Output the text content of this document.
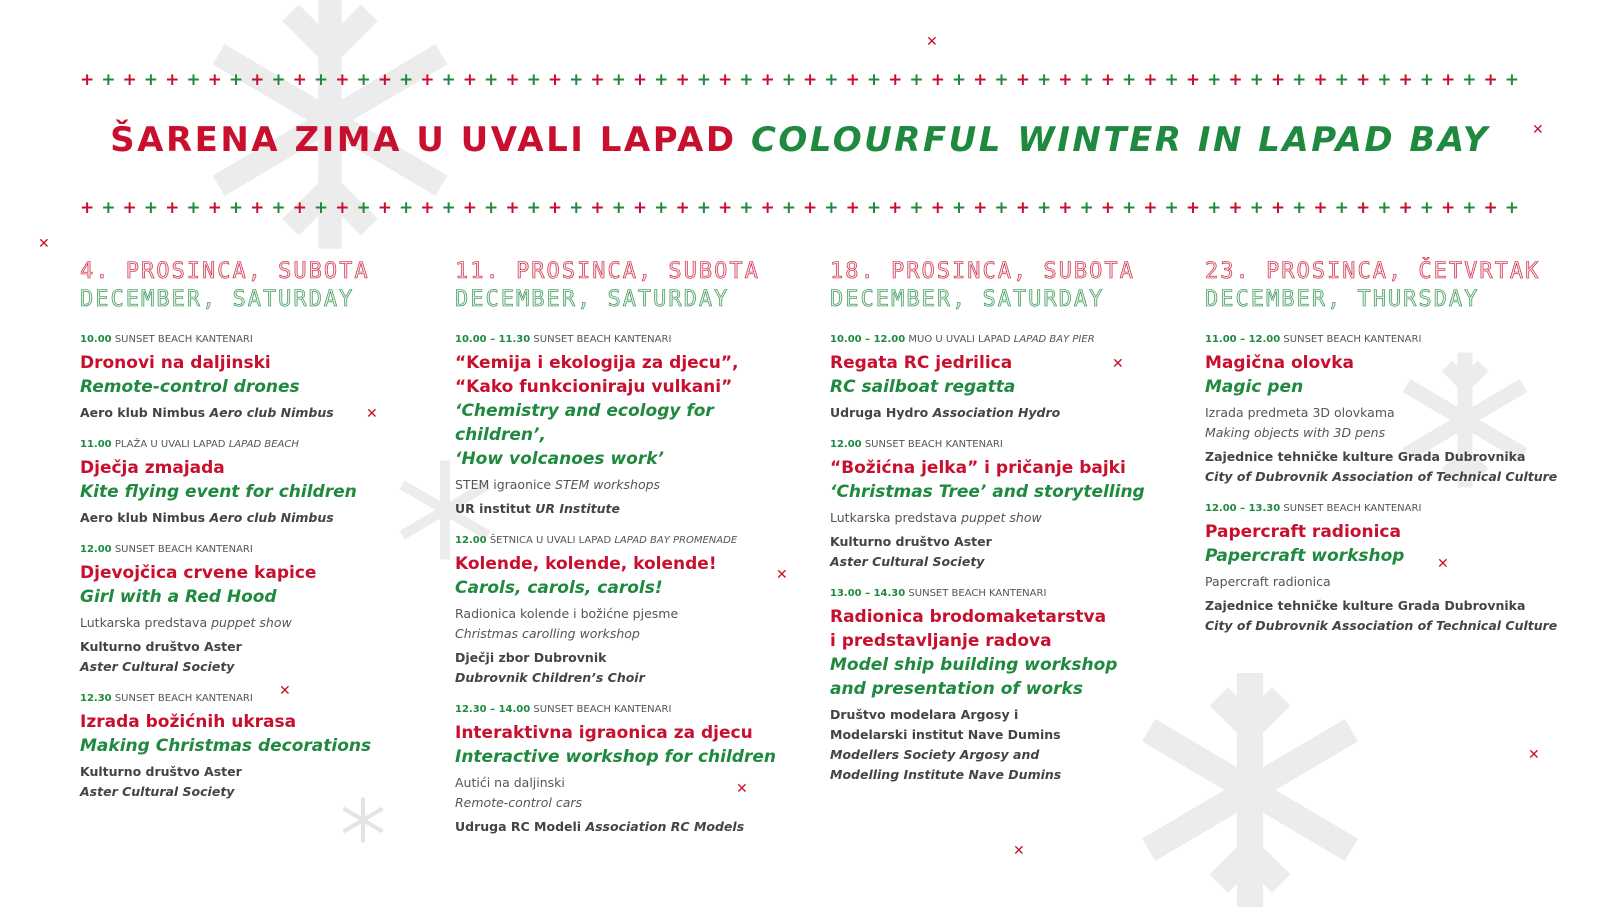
✕
✕
✕
✕
✕
✕
✕
✕
✕
✕
✕
+ + + + + + + + + + + + + + + + + + + + + + + + + + + + + + + + + + + + + + + + + + + + + + + + + + + + + + + + + + + + + + + + + + + +
+ + + + + + + + + + + + + + + + + + + + + + + + + + + + + + + + + + + + + + + + + + + + + + + + + + + + + + + + + + + + + + + + + + + +
ŠARENA ZIMA U UVALI LAPAD COLOURFUL WINTER IN LAPAD BAY
4. PROSINCA, SUBOTA
DECEMBER, SATURDAY
10.00 SUNSET BEACH KANTENARI
Dronovi na daljinski
Remote-control drones
Aero klub Nimbus Aero club Nimbus
11.00 PLAŽA U UVALI LAPAD LAPAD BEACH
Dječja zmajada
Kite flying event for children
Aero klub Nimbus Aero club Nimbus
12.00 SUNSET BEACH KANTENARI
Djevojčica crvene kapice
Girl with a Red Hood
Lutkarska predstava puppet show
Kulturno društvo Aster
Aster Cultural Society
12.30 SUNSET BEACH KANTENARI
Izrada božićnih ukrasa
Making Christmas decorations
Kulturno društvo Aster
Aster Cultural Society
11. PROSINCA, SUBOTA
DECEMBER, SATURDAY
10.00 – 11.30 SUNSET BEACH KANTENARI
“Kemija i ekologija za djecu”,
“Kako funkcioniraju vulkani”
‘Chemistry and ecology for children’,
‘How volcanoes work’
STEM igraonice STEM workshops
UR institut UR Institute
12.00 ŠETNICA U UVALI LAPAD LAPAD BAY PROMENADE
Kolende, kolende, kolende!
Carols, carols, carols!
Radionica kolende i božićne pjesme
Christmas carolling workshop
Dječji zbor Dubrovnik
Dubrovnik Children’s Choir
12.30 – 14.00 SUNSET BEACH KANTENARI
Interaktivna igraonica za djecu
Interactive workshop for children
Autići na daljinski
Remote-control cars
Udruga RC Modeli Association RC Models
18. PROSINCA, SUBOTA
DECEMBER, SATURDAY
10.00 – 12.00 MUO U UVALI LAPAD LAPAD BAY PIER
Regata RC jedrilica
RC sailboat regatta
Udruga Hydro Association Hydro
12.00 SUNSET BEACH KANTENARI
“Božićna jelka” i pričanje bajki
‘Christmas Tree’ and storytelling
Lutkarska predstava puppet show
Kulturno društvo Aster
Aster Cultural Society
13.00 – 14.30 SUNSET BEACH KANTENARI
Radionica brodomaketarstva
i predstavljanje radova
Model ship building workshop
and presentation of works
Društvo modelara Argosy i
Modelarski institut Nave Dumins
Modellers Society Argosy and
Modelling Institute Nave Dumins
23. PROSINCA, ČETVRTAK
DECEMBER, THURSDAY
11.00 – 12.00 SUNSET BEACH KANTENARI
Magična olovka
Magic pen
Izrada predmeta 3D olovkama
Making objects with 3D pens
Zajednice tehničke kulture Grada Dubrovnika
City of Dubrovnik Association of Technical Culture
12.00 – 13.30 SUNSET BEACH KANTENARI
Papercraft radionica
Papercraft workshop
Papercraft radionica
Zajednice tehničke kulture Grada Dubrovnika
City of Dubrovnik Association of Technical Culture
